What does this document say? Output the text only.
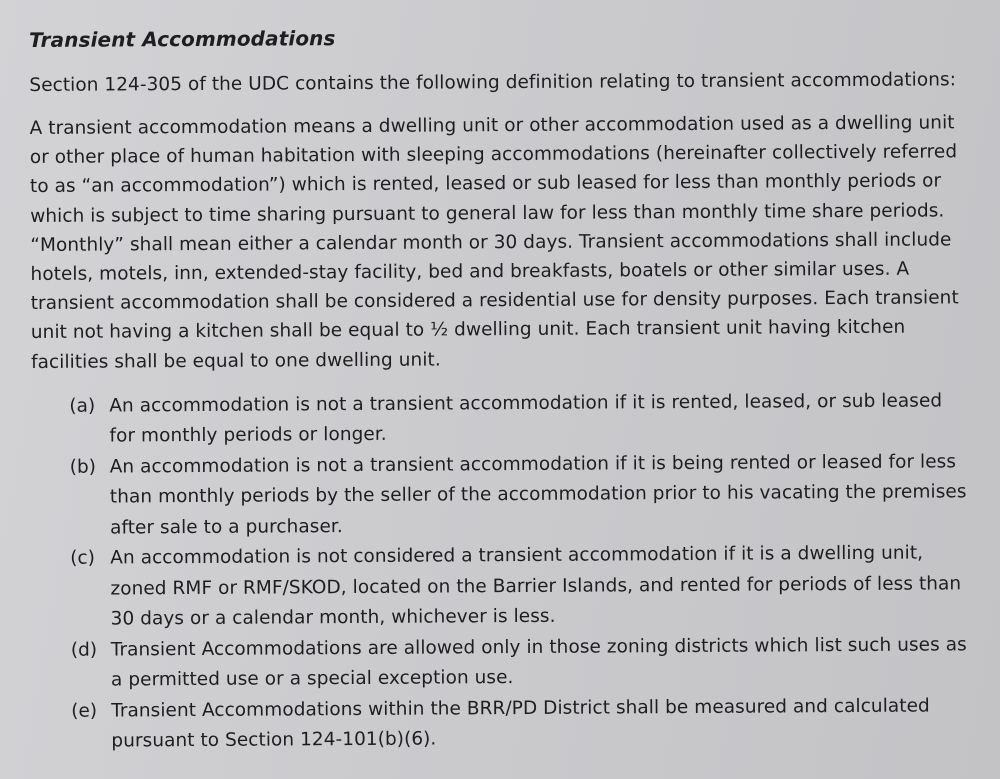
Transient Accommodations

Section 124-305 of the UDC contains the following definition relating to transient accommodations:

A transient accommodation means a dwelling unit or other accommodation used as a dwelling unit or other place of human habitation with sleeping accommodations (hereinafter collectively referred to as “an accommodation”) which is rented, leased or sub leased for less than monthly periods or which is subject to time sharing pursuant to general law for less than monthly time share periods. “Monthly” shall mean either a calendar month or 30 days. Transient accommodations shall include hotels, motels, inn, extended-stay facility, bed and breakfasts, boatels or other similar uses. A transient accommodation shall be considered a residential use for density purposes. Each transient unit not having a kitchen shall be equal to ½ dwelling unit. Each transient unit having kitchen facilities shall be equal to one dwelling unit.

(a) An accommodation is not a transient accommodation if it is rented, leased, or sub leased for monthly periods or longer.
(b) An accommodation is not a transient accommodation if it is being rented or leased for less than monthly periods by the seller of the accommodation prior to his vacating the premises after sale to a purchaser.
(c) An accommodation is not considered a transient accommodation if it is a dwelling unit, zoned RMF or RMF/SKOD, located on the Barrier Islands, and rented for periods of less than 30 days or a calendar month, whichever is less.
(d) Transient Accommodations are allowed only in those zoning districts which list such uses as a permitted use or a special exception use.
(e) Transient Accommodations within the BRR/PD District shall be measured and calculated pursuant to Section 124-101(b)(6).
